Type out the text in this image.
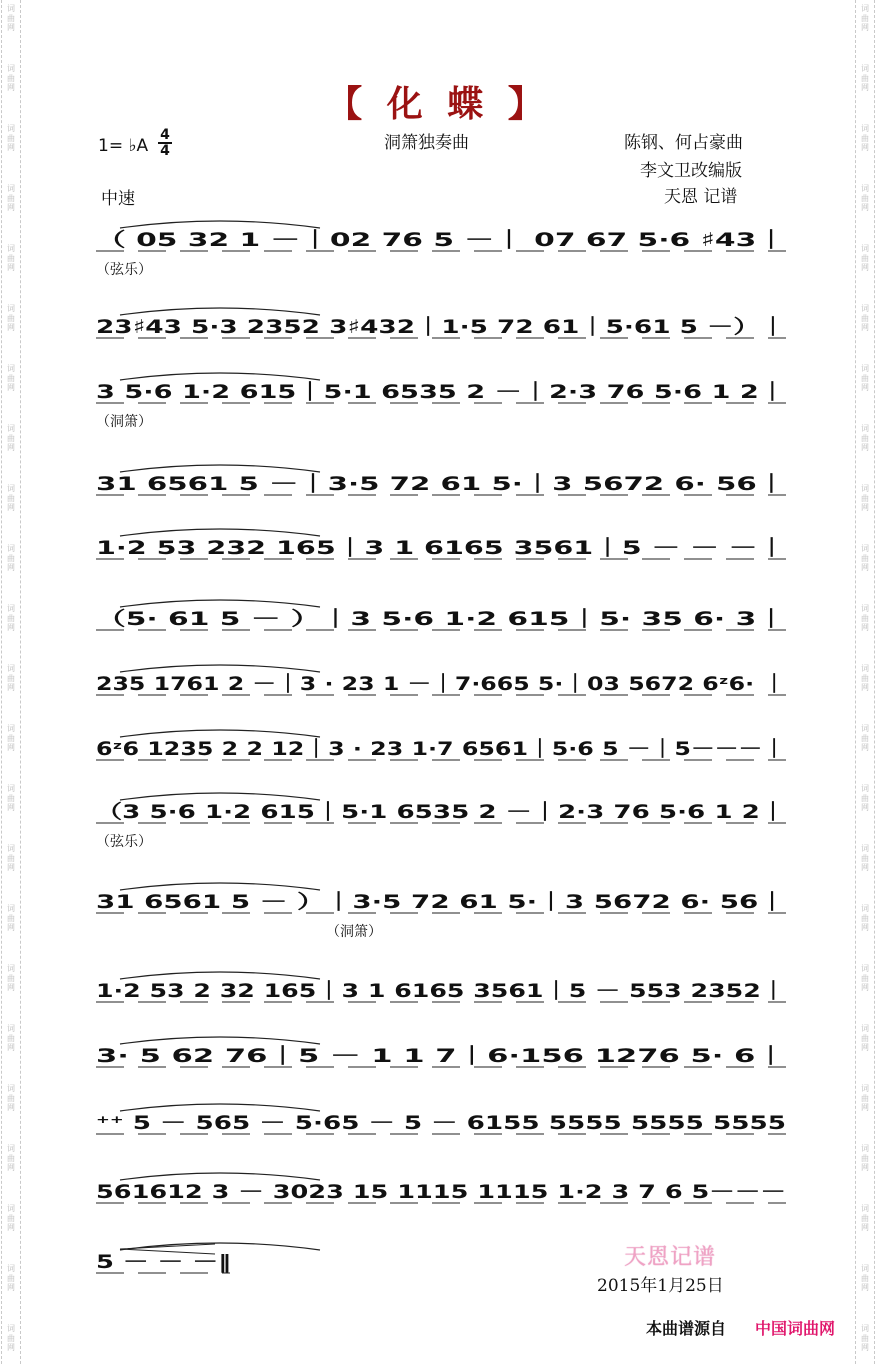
词
曲
网
词
曲
网
词
曲
网
词
曲
网
词
曲
网
词
曲
网
词
曲
网
词
曲
网
词
曲
网
词
曲
网
词
曲
网
词
曲
网
词
曲
网
词
曲
网
词
曲
网
词
曲
网
词
曲
网
词
曲
网
词
曲
网
词
曲
网
词
曲
网
词
曲
网
词
曲
网
词
曲
网
词
曲
网
词
曲
网
词
曲
网
词
曲
网
词
曲
网
词
曲
网
词
曲
网
词
曲
网
词
曲
网
词
曲
网
词
曲
网
词
曲
网
词
曲
网
词
曲
网
词
曲
网
词
曲
网
词
曲
网
词
曲
网
词
曲
网
词
曲
网
词
曲
网
词
曲
网
【 化 蝶 】
1= ♭A
4
4	洞箫独奏曲	陈钢、何占豪曲
李文卫改编版
天恩 记谱
中速
（ 05 32 1 －｜02 76 5 －｜ 07 67 5·6 ♯43｜
（弦乐）
23♯43 5·3 2352 3♯432｜1·5 72 61｜5·61 5 －）｜
3 5·6 1·2 615｜5·1 6535 2 －｜2·3 76 5·6 1 2｜
（洞箫）
31 6561 5 －｜3·5 72 61 5·｜3 5672 6· 56｜
1·2 53 232 165｜3 1 6165 3561｜5 － － －｜
（5· 61 5 － ）｜3 5·6 1·2 615｜5· 35 6· 3｜
235 1761 2 －｜3 · 23 1 －｜7·665 5·｜03 5672 6ᶻ6· ｜
6ᶻ6 1235 2 2 12｜3 · 23 1·7 6561｜5·6 5 －｜5－－－｜
（3 5·6 1·2 615｜5·1 6535 2 －｜2·3 76 5·6 1 2｜
（弦乐）
31 6561 5 － ）｜3·5 72 61 5·｜3 5672 6· 56｜
（洞箫）
1·2 53 2 32 165｜3 1 6165 3561｜5 － 553 2352｜
3· 5 62 76｜5 － 1 1 7｜6·156 1276 5· 6｜
⁺⁺ 5 － 565 － 5·65 － 5 － 6155 5555 5555 5555
561612 3 － 3023 15 1115 1115 1·2 3 7 6 5－－－
5 － － －‖	天恩记谱
2015年1月25日
本曲谱源自 中国词曲网
